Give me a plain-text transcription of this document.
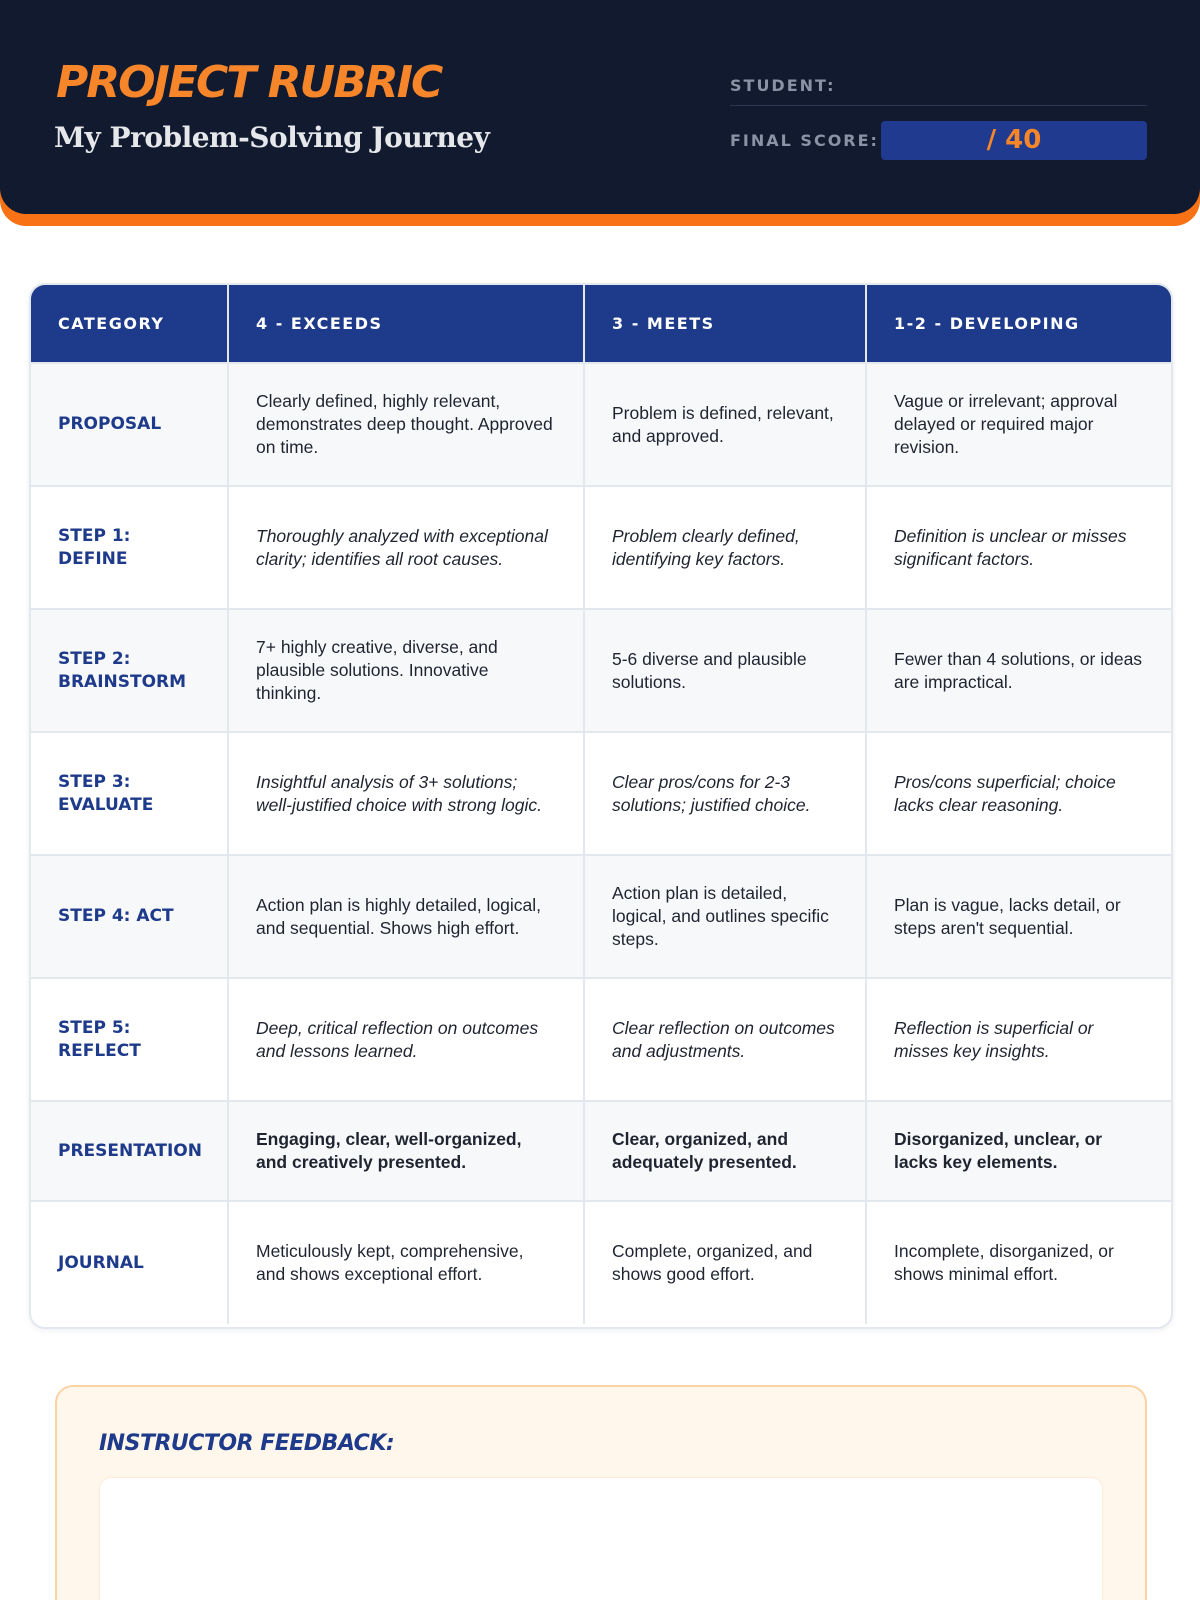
PROJECT RUBRIC
My Problem-Solving Journey
STUDENT:
FINAL SCORE:	/ 40
CATEGORY	4 - EXCEEDS	3 - MEETS	1-2 - DEVELOPING
PROPOSAL	Clearly defined, highly relevant, demonstrates deep thought. Approved on time.	Problem is defined, relevant, and approved.	Vague or irrelevant; approval delayed or required major revision.
STEP 1: DEFINE	Thoroughly analyzed with exceptional clarity; identifies all root causes.	Problem clearly defined, identifying key factors.	Definition is unclear or misses significant factors.
STEP 2: BRAINSTORM	7+ highly creative, diverse, and plausible solutions. Innovative thinking.	5-6 diverse and plausible solutions.	Fewer than 4 solutions, or ideas are impractical.
STEP 3: EVALUATE	Insightful analysis of 3+ solutions; well-justified choice with strong logic.	Clear pros/cons for 2-3 solutions; justified choice.	Pros/cons superficial; choice lacks clear reasoning.
STEP 4: ACT	Action plan is highly detailed, logical, and sequential. Shows high effort.	Action plan is detailed, logical, and outlines specific steps.	Plan is vague, lacks detail, or steps aren't sequential.
STEP 5: REFLECT	Deep, critical reflection on outcomes and lessons learned.	Clear reflection on outcomes and adjustments.	Reflection is superficial or misses key insights.
PRESENTATION	Engaging, clear, well-organized, and creatively presented.	Clear, organized, and adequately presented.	Disorganized, unclear, or lacks key elements.
JOURNAL	Meticulously kept, comprehensive, and shows exceptional effort.	Complete, organized, and shows good effort.	Incomplete, disorganized, or shows minimal effort.
INSTRUCTOR FEEDBACK:
